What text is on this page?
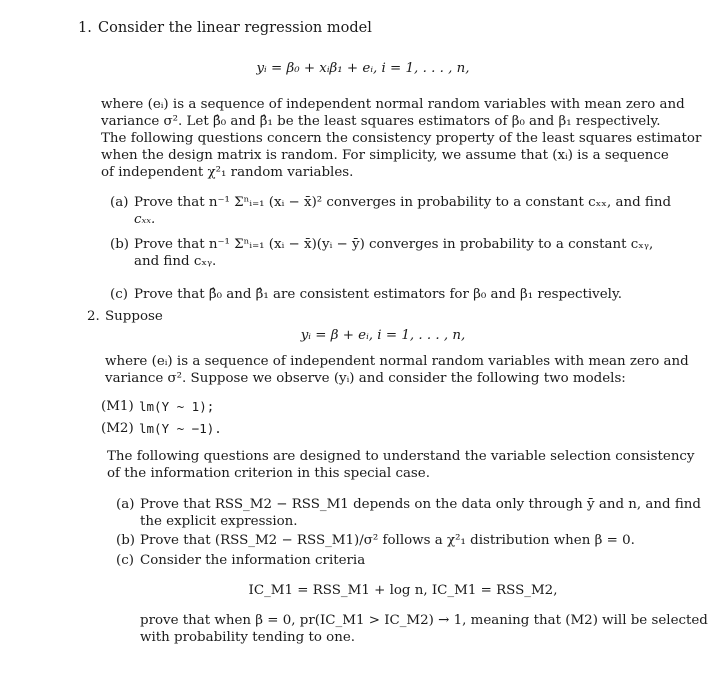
1. Consider the linear regression model
yᵢ = β₀ + xᵢβ₁ + eᵢ, i = 1, . . . , n,
where (eᵢ) is a sequence of independent normal random variables with mean zero and
variance σ². Let β̂₀ and β̂₁ be the least squares estimators of β₀ and β₁ respectively.
The following questions concern the consistency property of the least squares estimator
when the design matrix is random. For simplicity, we assume that (xᵢ) is a sequence
of independent χ²₁ random variables.
(a) Prove that n⁻¹ Σⁿᵢ₌₁ (xᵢ − x̄)² converges in probability to a constant cₓₓ, and find
cₓₓ.
(b) Prove that n⁻¹ Σⁿᵢ₌₁ (xᵢ − x̄)(yᵢ − ȳ) converges in probability to a constant cₓᵧ,
and find cₓᵧ.
(c) Prove that β̂₀ and β̂₁ are consistent estimators for β₀ and β₁ respectively.
2. Suppose
yᵢ = β + eᵢ, i = 1, . . . , n,
where (eᵢ) is a sequence of independent normal random variables with mean zero and
variance σ². Suppose we observe (yᵢ) and consider the following two models:
(M1) lm(Y ~ 1);
(M2) lm(Y ~ −1).
The following questions are designed to understand the variable selection consistency
of the information criterion in this special case.
(a) Prove that RSS_M2 − RSS_M1 depends on the data only through ȳ and n, and find
the explicit expression.
(b) Prove that (RSS_M2 − RSS_M1)/σ² follows a χ²₁ distribution when β = 0.
(c) Consider the information criteria
IC_M1 = RSS_M1 + log n, IC_M1 = RSS_M2,
prove that when β = 0, pr(IC_M1 > IC_M2) → 1, meaning that (M2) will be selected
with probability tending to one.
